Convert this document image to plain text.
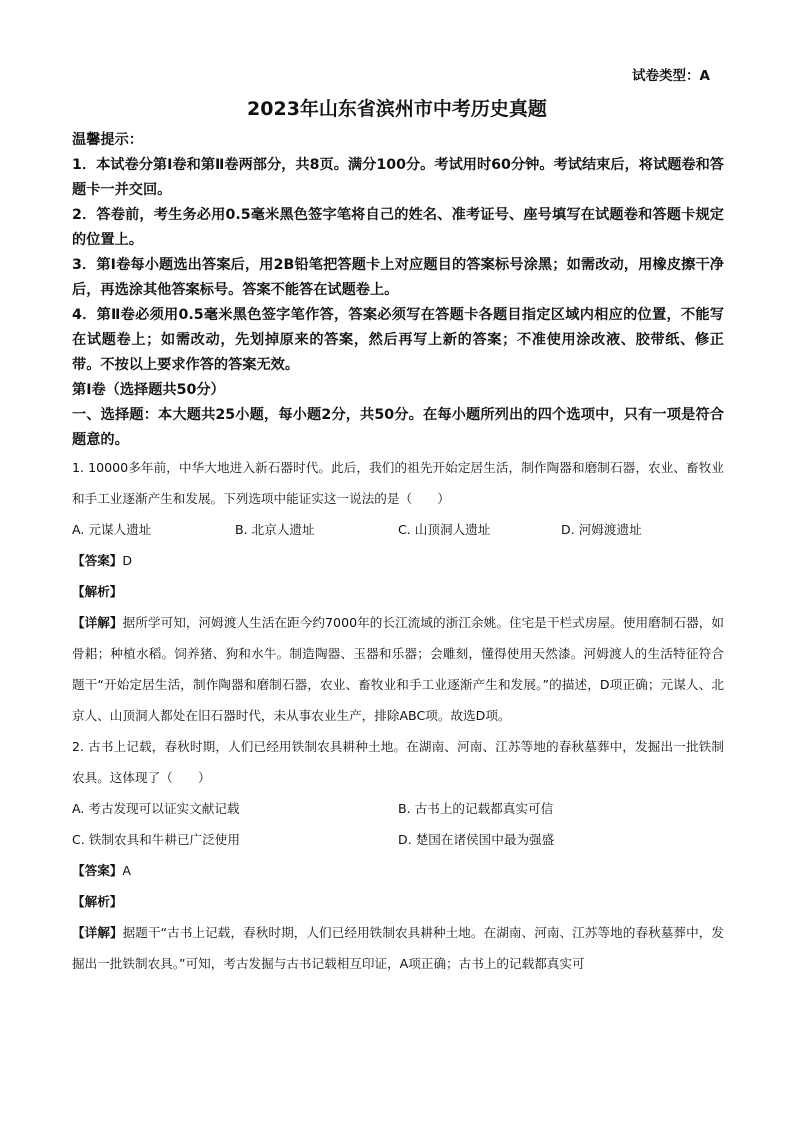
试卷类型：A
2023年山东省滨州市中考历史真题

温馨提示：

1．本试卷分第Ⅰ卷和第Ⅱ卷两部分，共8页。满分100分。考试用时60分钟。考试结束后，将试题卷和答题卡一并交回。

2．答卷前，考生务必用0.5毫米黑色签字笔将自己的姓名、准考证号、座号填写在试题卷和答题卡规定的位置上。

3．第Ⅰ卷每小题选出答案后，用2B铅笔把答题卡上对应题目的答案标号涂黑；如需改动，用橡皮擦干净后，再选涂其他答案标号。答案不能答在试题卷上。

4．第Ⅱ卷必须用0.5毫米黑色签字笔作答，答案必须写在答题卡各题目指定区域内相应的位置，不能写在试题卷上；如需改动，先划掉原来的答案，然后再写上新的答案；不准使用涂改液、胶带纸、修正带。不按以上要求作答的答案无效。

第Ⅰ卷（选择题共50分）

一、选择题：本大题共25小题，每小题2分，共50分。在每小题所列出的四个选项中，只有一项是符合题意的。

1. 10000多年前，中华大地进入新石器时代。此后，我们的祖先开始定居生活，制作陶器和磨制石器，农业、畜牧业和手工业逐渐产生和发展。下列选项中能证实这一说法的是（　　）

A. 元谋人遗址	B. 北京人遗址	C. 山顶洞人遗址	D. 河姆渡遗址

【答案】D

【解析】

【详解】据所学可知，河姆渡人生活在距今约7000年的长江流域的浙江余姚。住宅是干栏式房屋。使用磨制石器，如骨耜；种植水稻。饲养猪、狗和水牛。制造陶器、玉器和乐器；会雕刻，懂得使用天然漆。河姆渡人的生活特征符合题干“开始定居生活，制作陶器和磨制石器，农业、畜牧业和手工业逐渐产生和发展。”的描述，D项正确；元谋人、北京人、山顶洞人都处在旧石器时代，未从事农业生产，排除ABC项。故选D项。

2. 古书上记载，春秋时期，人们已经用铁制农具耕种土地。在湖南、河南、江苏等地的春秋墓葬中，发掘出一批铁制农具。这体现了（　　）

A. 考古发现可以证实文献记载	B. 古书上的记载都真实可信
C. 铁制农具和牛耕已广泛使用	D. 楚国在诸侯国中最为强盛

【答案】A

【解析】

【详解】据题干“古书上记载，春秋时期，人们已经用铁制农具耕种土地。在湖南、河南、江苏等地的春秋墓葬中，发掘出一批铁制农具。”可知，考古发掘与古书记载相互印证，A项正确；古书上的记载都真实可
